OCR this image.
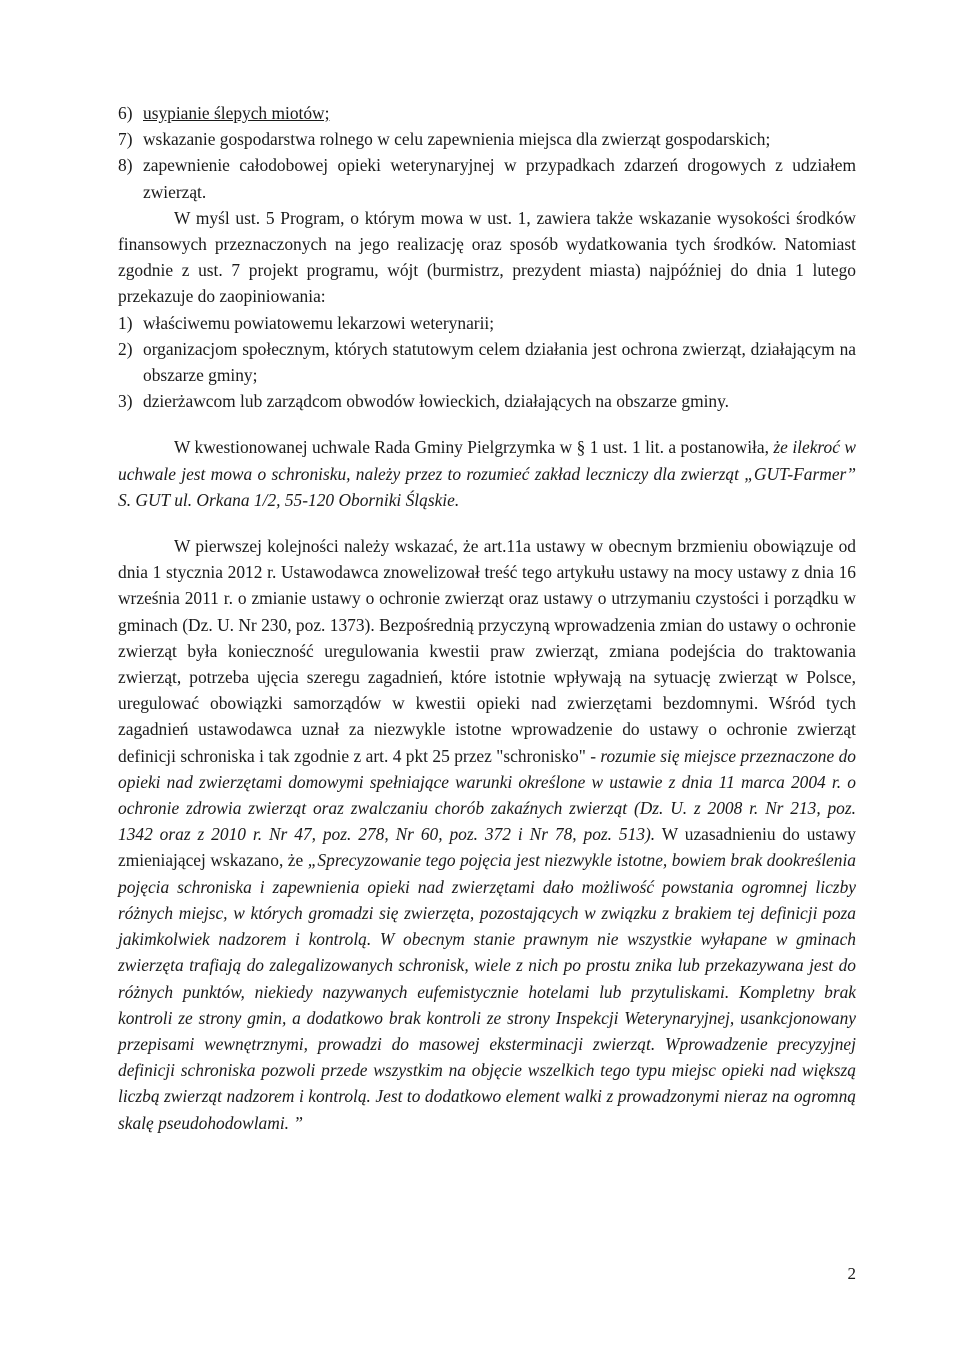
6) usypianie ślepych miotów;
7) wskazanie gospodarstwa rolnego w celu zapewnienia miejsca dla zwierząt gospodarskich;
8) zapewnienie całodobowej opieki weterynaryjnej w przypadkach zdarzeń drogowych z udziałem zwierząt.

W myśl ust. 5 Program, o którym mowa w ust. 1, zawiera także wskazanie wysokości środków finansowych przeznaczonych na jego realizację oraz sposób wydatkowania tych środków. Natomiast zgodnie z ust. 7 projekt programu, wójt (burmistrz, prezydent miasta) najpóźniej do dnia 1 lutego przekazuje do zaopiniowania:

1) właściwemu powiatowemu lekarzowi weterynarii;
2) organizacjom społecznym, których statutowym celem działania jest ochrona zwierząt, działającym na obszarze gminy;
3) dzierżawcom lub zarządcom obwodów łowieckich, działających na obszarze gminy.

W kwestionowanej uchwale Rada Gminy Pielgrzymka w § 1 ust. 1 lit. a postanowiła, że ilekroć w uchwale jest mowa o schronisku, należy przez to rozumieć zakład leczniczy dla zwierząt „GUT-Farmer” S. GUT ul. Orkana 1/2, 55-120 Oborniki Śląskie.

W pierwszej kolejności należy wskazać, że art.11a ustawy w obecnym brzmieniu obowiązuje od dnia 1 stycznia 2012 r. Ustawodawca znowelizował treść tego artykułu ustawy na mocy ustawy z dnia 16 września 2011 r. o zmianie ustawy o ochronie zwierząt oraz ustawy o utrzymaniu czystości i porządku w gminach (Dz. U. Nr 230, poz. 1373). Bezpośrednią przyczyną wprowadzenia zmian do ustawy o ochronie zwierząt była konieczność uregulowania kwestii praw zwierząt, zmiana podejścia do traktowania zwierząt, potrzeba ujęcia szeregu zagadnień, które istotnie wpływają na sytuację zwierząt w Polsce, uregulować obowiązki samorządów w kwestii opieki nad zwierzętami bezdomnymi. Wśród tych zagadnień ustawodawca uznał za niezwykle istotne wprowadzenie do ustawy o ochronie zwierząt definicji schroniska i tak zgodnie z art. 4 pkt 25 przez "schronisko" - rozumie się miejsce przeznaczone do opieki nad zwierzętami domowymi spełniające warunki określone w ustawie z dnia 11 marca 2004 r. o ochronie zdrowia zwierząt oraz zwalczaniu chorób zakaźnych zwierząt (Dz. U. z 2008 r. Nr 213, poz. 1342 oraz z 2010 r. Nr 47, poz. 278, Nr 60, poz. 372 i Nr 78, poz. 513). W uzasadnieniu do ustawy zmieniającej wskazano, że „Sprecyzowanie tego pojęcia jest niezwykle istotne, bowiem brak dookreślenia pojęcia schroniska i zapewnienia opieki nad zwierzętami dało możliwość powstania ogromnej liczby różnych miejsc, w których gromadzi się zwierzęta, pozostających w związku z brakiem tej definicji poza jakimkolwiek nadzorem i kontrolą. W obecnym stanie prawnym nie wszystkie wyłapane w gminach zwierzęta trafiają do zalegalizowanych schronisk, wiele z nich po prostu znika lub przekazywana jest do różnych punktów, niekiedy nazywanych eufemistycznie hotelami lub przytuliskami. Kompletny brak kontroli ze strony gmin, a dodatkowo brak kontroli ze strony Inspekcji Weterynaryjnej, usankcjonowany przepisami wewnętrznymi, prowadzi do masowej eksterminacji zwierząt. Wprowadzenie precyzyjnej definicji schroniska pozwoli przede wszystkim na objęcie wszelkich tego typu miejsc opieki nad większą liczbą zwierząt nadzorem i kontrolą. Jest to dodatkowo element walki z prowadzonymi nieraz na ogromną skalę pseudohodowlami. ”

2
